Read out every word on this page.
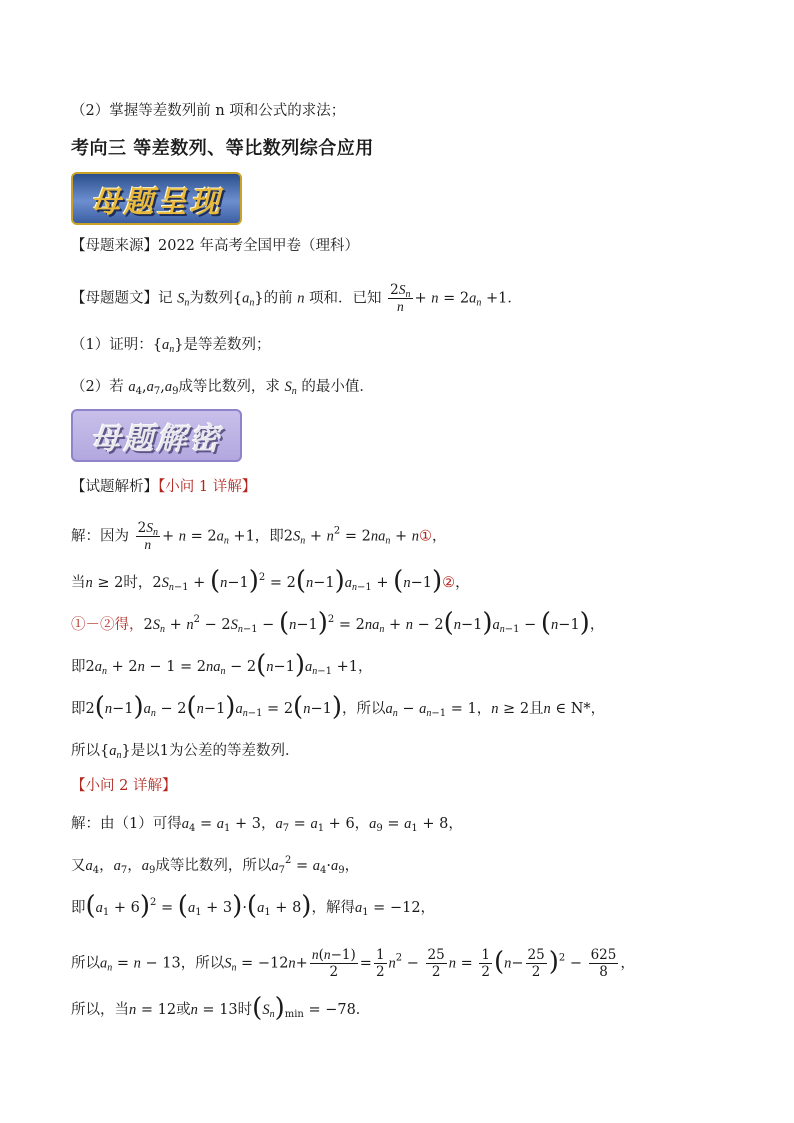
（2）掌握等差数列前 n 项和公式的求法；
考向三 等差数列、等比数列综合应用
母题呈现
【母题来源】2022 年高考全国甲卷（理科）
【母题题文】记 $S_n$为数列$\{a_n\}$的前 n 项和．已知 $\frac{2S_n}{n} + n = 2a_n +1$．
（1）证明：$\{a_n\}$是等差数列；
（2）若 $a_4,a_7,a_9$成等比数列，求 $S_n$ 的最小值．
母题解密
【试题解析】【小问 1 详解】
解：因为 $\frac{2S_n}{n} + n = 2a_n +1$，即$2S_n + n^2 = 2na_n$ + n①，
当n ≥ 2时，$2S_{n-1} + (n-1)^2 = 2(n-1)a_{n-1}$ + (n−1)②，
①－②得，$2S_n + n^2 - 2S_{n-1} - (n-1)^2 = 2na_n + n - 2(n-1)a_{n-1} - (n-1)$，
即$2a_n + 2n - 1 = 2na_n - 2(n-1)a_{n-1} +1$，
即$2(n-1)a_n - 2(n-1)a_{n-1} = 2(n-1)$，所以$a_n - a_{n-1} = 1$，n ≥ 2且n ∈ N*，
所以$\{a_n\}$是以1为公差的等差数列．
【小问 2 详解】
解：由（1）可得$a_4 = a_1 + 3$，$a_7 = a_1 + 6$，$a_9 = a_1 + 8$，
又$a_4$，$a_7$，$a_9$成等比数列，所以$a_7^2 = a_4\cdot a_9$，
即$(a_1 + 6)^2 = (a_1 + 3)\cdot(a_1 + 8)$，解得$a_1 = -12$，
所以$a_n = n - 13$，所以$S_n = -12n+ \frac{n(n-1)}{2} = \frac{1}{2} n^2 - \frac{25}{2}$ $n = \frac{1}{2} (n- \frac{25}{2} )^2 - \frac{625}{8}$ ，
所以，当n = 12或n = 13时$(S_n)_{min} = -78$．
